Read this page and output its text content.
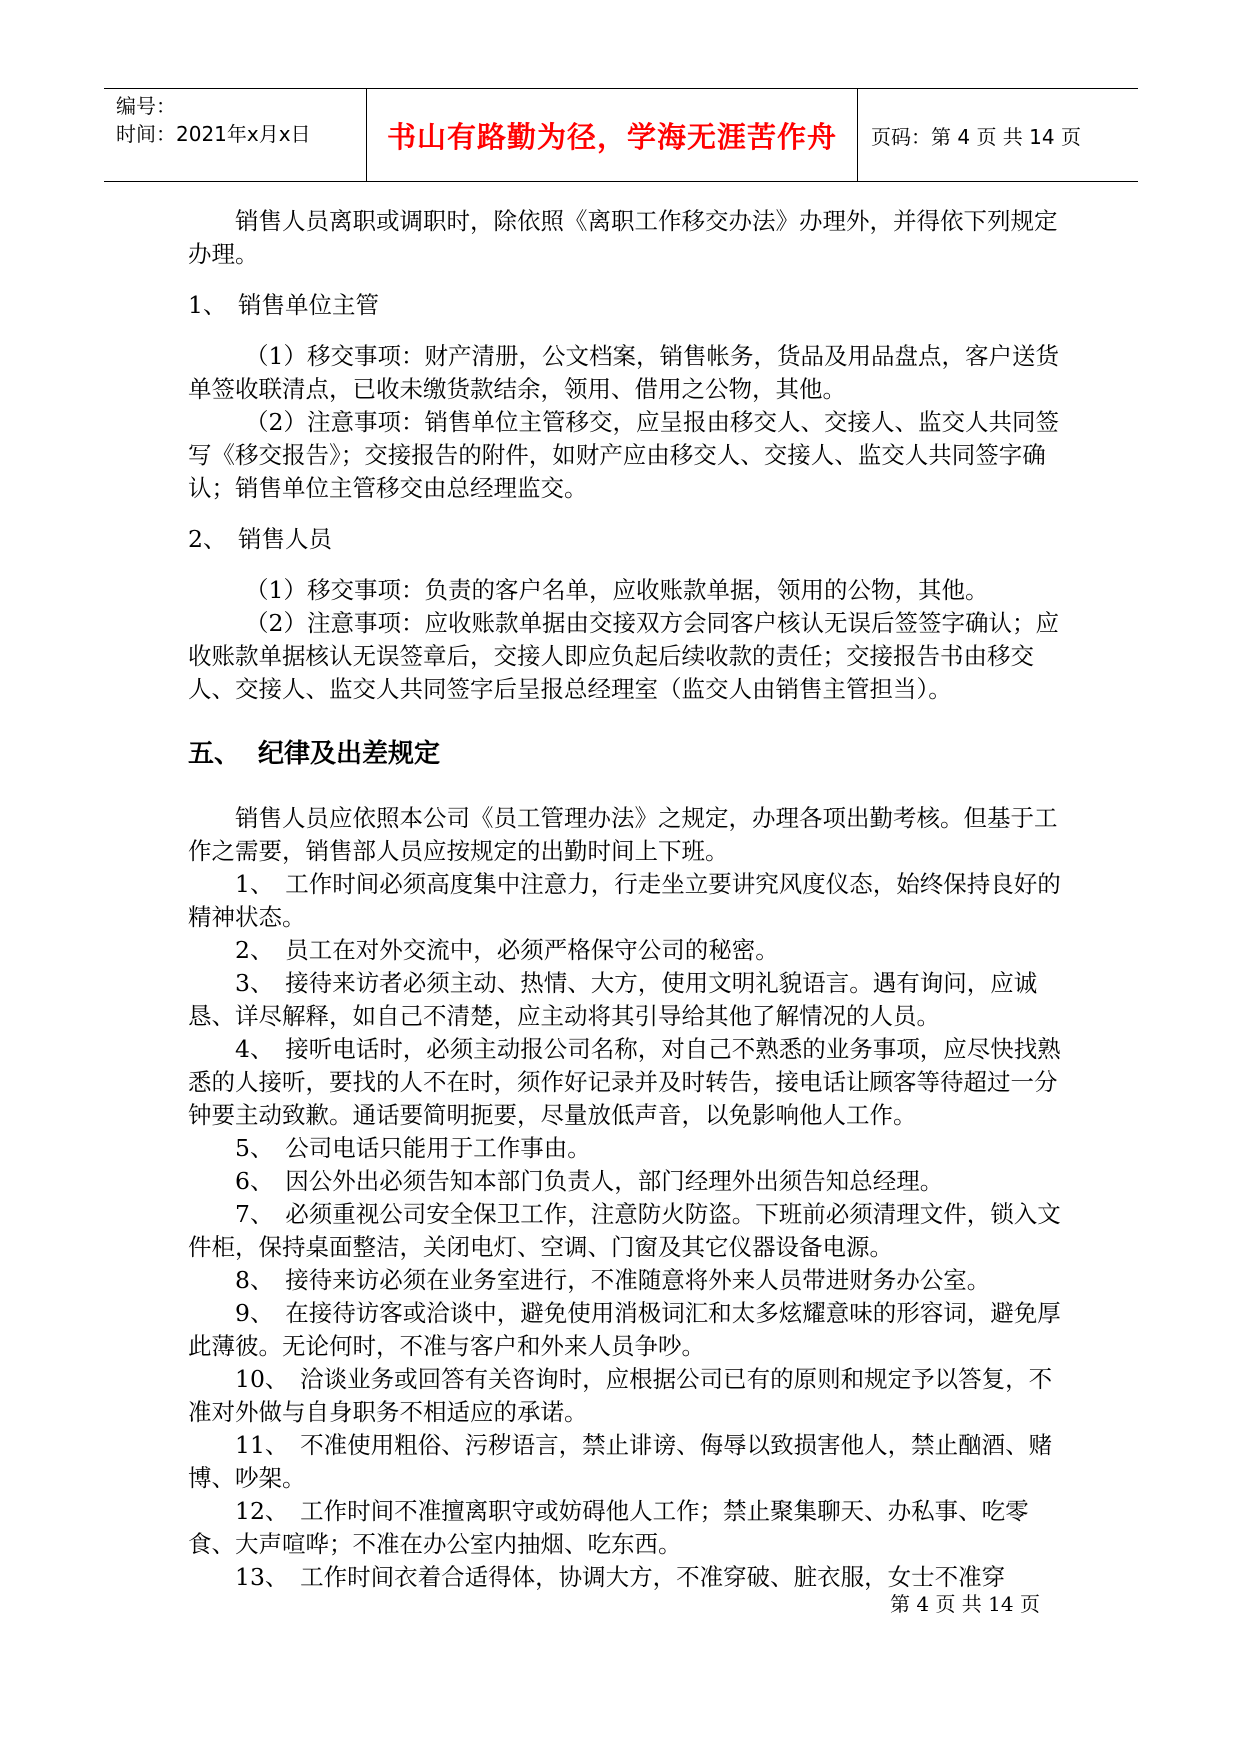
编号：
时间：2021年x月x日	书山有路勤为径，学海无涯苦作舟 页码：第 4 页 共 14 页

销售人员离职或调职时，除依照《离职工作移交办法》办理外，并得依下列规定办理。

1、 销售单位主管

（1）移交事项：财产清册，公文档案，销售帐务，货品及用品盘点，客户送货单签收联清点，已收未缴货款结余，领用、借用之公物，其他。

（2）注意事项：销售单位主管移交，应呈报由移交人、交接人、监交人共同签写《移交报告》；交接报告的附件，如财产应由移交人、交接人、监交人共同签字确认；销售单位主管移交由总经理监交。

2、 销售人员

（1）移交事项：负责的客户名单，应收账款单据，领用的公物，其他。

（2）注意事项：应收账款单据由交接双方会同客户核认无误后签签字确认；应收账款单据核认无误签章后，交接人即应负起后续收款的责任；交接报告书由移交人、交接人、监交人共同签字后呈报总经理室（监交人由销售主管担当）。

五、 纪律及出差规定

销售人员应依照本公司《员工管理办法》之规定，办理各项出勤考核。但基于工作之需要，销售部人员应按规定的出勤时间上下班。

1、　工作时间必须高度集中注意力，行走坐立要讲究风度仪态，始终保持良好的精神状态。

2、　员工在对外交流中，必须严格保守公司的秘密。

3、　接待来访者必须主动、热情、大方，使用文明礼貌语言。遇有询问，应诚恳、详尽解释，如自己不清楚，应主动将其引导给其他了解情况的人员。

4、　接听电话时，必须主动报公司名称，对自己不熟悉的业务事项，应尽快找熟悉的人接听，要找的人不在时，须作好记录并及时转告，接电话让顾客等待超过一分钟要主动致歉。通话要简明扼要，尽量放低声音，以免影响他人工作。

5、　公司电话只能用于工作事由。

6、　因公外出必须告知本部门负责人，部门经理外出须告知总经理。

7、　必须重视公司安全保卫工作，注意防火防盗。下班前必须清理文件，锁入文件柜，保持桌面整洁，关闭电灯、空调、门窗及其它仪器设备电源。

8、　接待来访必须在业务室进行，不准随意将外来人员带进财务办公室。

9、　在接待访客或洽谈中，避免使用消极词汇和太多炫耀意味的形容词，避免厚此薄彼。无论何时，不准与客户和外来人员争吵。

10、　洽谈业务或回答有关咨询时，应根据公司已有的原则和规定予以答复，不准对外做与自身职务不相适应的承诺。

11、　不准使用粗俗、污秽语言，禁止诽谤、侮辱以致损害他人，禁止酗酒、赌博、吵架。

12、　工作时间不准擅离职守或妨碍他人工作；禁止聚集聊天、办私事、吃零食、大声喧哗；不准在办公室内抽烟、吃东西。

13、　工作时间衣着合适得体，协调大方，不准穿破、脏衣服，女士不准穿

第 4 页 共 14 页
